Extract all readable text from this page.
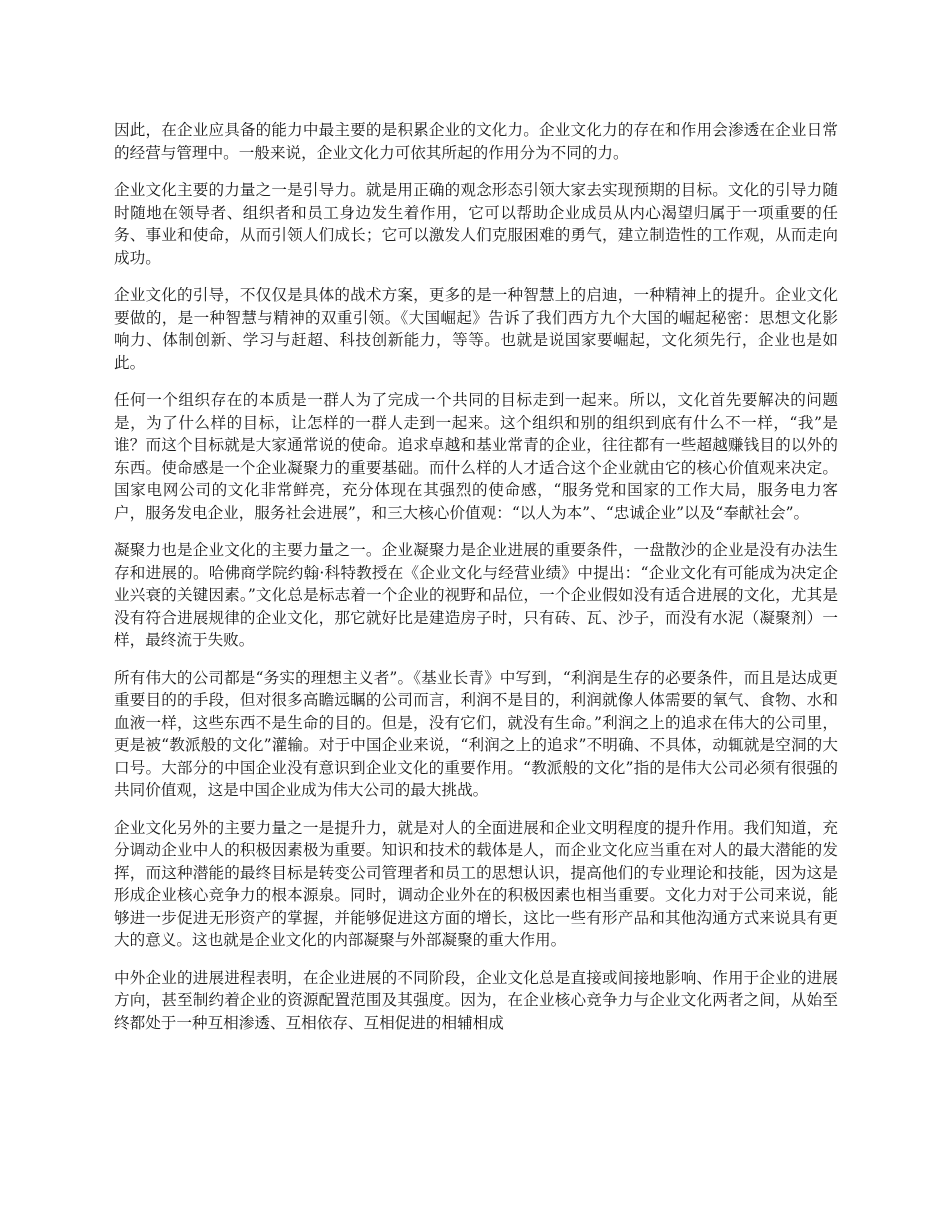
因此，在企业应具备的能力中最主要的是积累企业的文化力。企业文化力的存在和作用会渗透在企业日常的经营与管理中。一般来说，企业文化力可依其所起的作用分为不同的力。

企业文化主要的力量之一是引导力。就是用正确的观念形态引领大家去实现预期的目标。文化的引导力随时随地在领导者、组织者和员工身边发生着作用，它可以帮助企业成员从内心渴望归属于一项重要的任务、事业和使命，从而引领人们成长；它可以激发人们克服困难的勇气，建立制造性的工作观，从而走向成功。

企业文化的引导，不仅仅是具体的战术方案，更多的是一种智慧上的启迪，一种精神上的提升。企业文化要做的，是一种智慧与精神的双重引领。《大国崛起》告诉了我们西方九个大国的崛起秘密：思想文化影响力、体制创新、学习与赶超、科技创新能力，等等。也就是说国家要崛起，文化须先行，企业也是如此。

任何一个组织存在的本质是一群人为了完成一个共同的目标走到一起来。所以，文化首先要解决的问题是，为了什么样的目标，让怎样的一群人走到一起来。这个组织和别的组织到底有什么不一样，“我”是谁？而这个目标就是大家通常说的使命。追求卓越和基业常青的企业，往往都有一些超越赚钱目的以外的东西。使命感是一个企业凝聚力的重要基础。而什么样的人才适合这个企业就由它的核心价值观来决定。国家电网公司的文化非常鲜亮，充分体现在其强烈的使命感，“服务党和国家的工作大局，服务电力客户，服务发电企业，服务社会进展”，和三大核心价值观：“以人为本”、“忠诚企业”以及“奉献社会”。

凝聚力也是企业文化的主要力量之一。企业凝聚力是企业进展的重要条件，一盘散沙的企业是没有办法生存和进展的。哈佛商学院约翰·科特教授在《企业文化与经营业绩》中提出：“企业文化有可能成为决定企业兴衰的关键因素。”文化总是标志着一个企业的视野和品位，一个企业假如没有适合进展的文化，尤其是没有符合进展规律的企业文化，那它就好比是建造房子时，只有砖、瓦、沙子，而没有水泥（凝聚剂）一样，最终流于失败。

所有伟大的公司都是“务实的理想主义者”。《基业长青》中写到，“利润是生存的必要条件，而且是达成更重要目的的手段，但对很多高瞻远瞩的公司而言，利润不是目的，利润就像人体需要的氧气、食物、水和血液一样，这些东西不是生命的目的。但是，没有它们，就没有生命。”利润之上的追求在伟大的公司里，更是被“教派般的文化”灌输。对于中国企业来说，“利润之上的追求”不明确、不具体，动辄就是空洞的大口号。大部分的中国企业没有意识到企业文化的重要作用。“教派般的文化”指的是伟大公司必须有很强的共同价值观，这是中国企业成为伟大公司的最大挑战。

企业文化另外的主要力量之一是提升力，就是对人的全面进展和企业文明程度的提升作用。我们知道，充分调动企业中人的积极因素极为重要。知识和技术的载体是人，而企业文化应当重在对人的最大潜能的发挥，而这种潜能的最终目标是转变公司管理者和员工的思想认识，提高他们的专业理论和技能，因为这是形成企业核心竞争力的根本源泉。同时，调动企业外在的积极因素也相当重要。文化力对于公司来说，能够进一步促进无形资产的掌握，并能够促进这方面的增长，这比一些有形产品和其他沟通方式来说具有更大的意义。这也就是企业文化的内部凝聚与外部凝聚的重大作用。

中外企业的进展进程表明，在企业进展的不同阶段，企业文化总是直接或间接地影响、作用于企业的进展方向，甚至制约着企业的资源配置范围及其强度。因为，在企业核心竞争力与企业文化两者之间，从始至终都处于一种互相渗透、互相依存、互相促进的相辅相成
